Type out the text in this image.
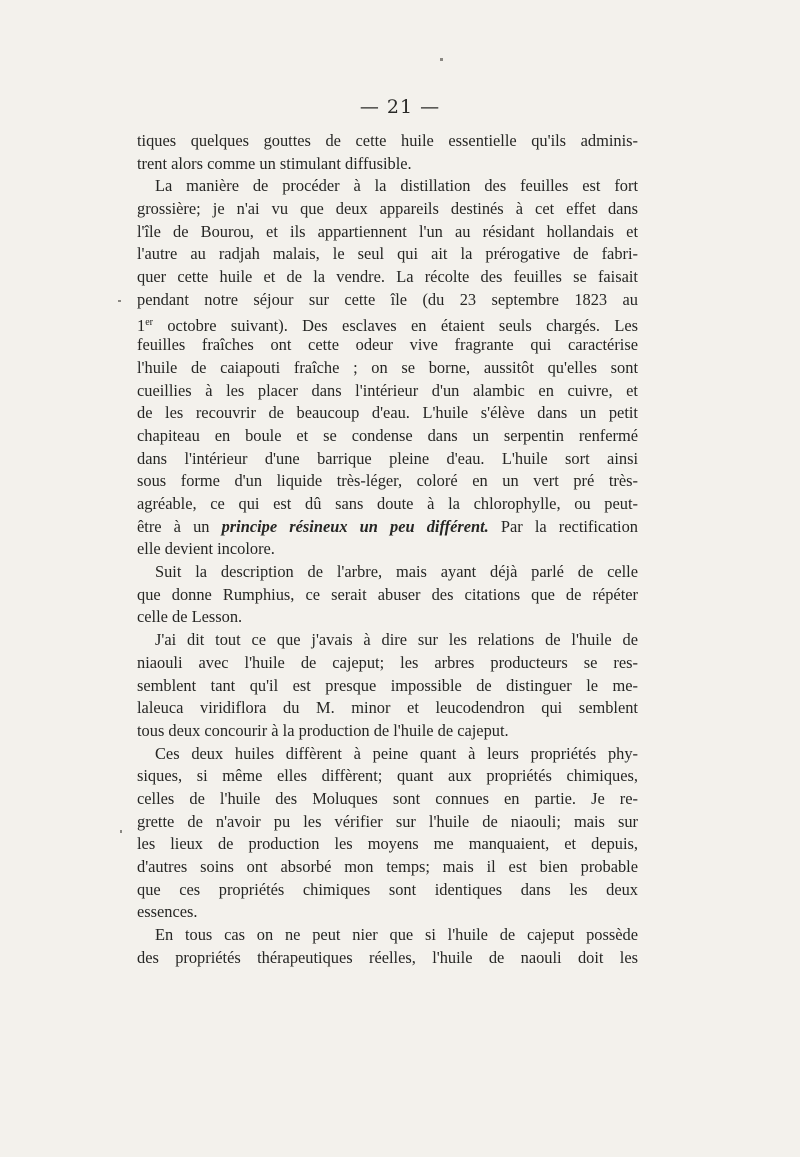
— 21 —

tiques quelques gouttes de cette huile essentielle qu'ils adminis-
trent alors comme un stimulant diffusible.

La manière de procéder à la distillation des feuilles est fort
grossière; je n'ai vu que deux appareils destinés à cet effet dans
l'île de Bourou, et ils appartiennent l'un au résidant hollandais et
l'autre au radjah malais, le seul qui ait la prérogative de fabri-
quer cette huile et de la vendre. La récolte des feuilles se faisait
pendant notre séjour sur cette île (du 23 septembre 1823 au
1er octobre suivant). Des esclaves en étaient seuls chargés. Les
feuilles fraîches ont cette odeur vive fragrante qui caractérise
l'huile de caiapouti fraîche ; on se borne, aussitôt qu'elles sont
cueillies à les placer dans l'intérieur d'un alambic en cuivre, et
de les recouvrir de beaucoup d'eau. L'huile s'élève dans un petit
chapiteau en boule et se condense dans un serpentin renfermé
dans l'intérieur d'une barrique pleine d'eau. L'huile sort ainsi
sous forme d'un liquide très-léger, coloré en un vert pré très-
agréable, ce qui est dû sans doute à la chlorophylle, ou peut-
être à un principe résineux un peu différent. Par la rectification
elle devient incolore.

Suit la description de l'arbre, mais ayant déjà parlé de celle
que donne Rumphius, ce serait abuser des citations que de répéter
celle de Lesson.

J'ai dit tout ce que j'avais à dire sur les relations de l'huile de
niaouli avec l'huile de cajeput; les arbres producteurs se res-
semblent tant qu'il est presque impossible de distinguer le me-
laleuca viridiflora du M. minor et leucodendron qui semblent
tous deux concourir à la production de l'huile de cajeput.

Ces deux huiles diffèrent à peine quant à leurs propriétés phy-
siques, si même elles diffèrent; quant aux propriétés chimiques,
celles de l'huile des Moluques sont connues en partie. Je re-
grette de n'avoir pu les vérifier sur l'huile de niaouli; mais sur
les lieux de production les moyens me manquaient, et depuis,
d'autres soins ont absorbé mon temps; mais il est bien probable
que ces propriétés chimiques sont identiques dans les deux
essences.

En tous cas on ne peut nier que si l'huile de cajeput possède
des propriétés thérapeutiques réelles, l'huile de naouli doit les
